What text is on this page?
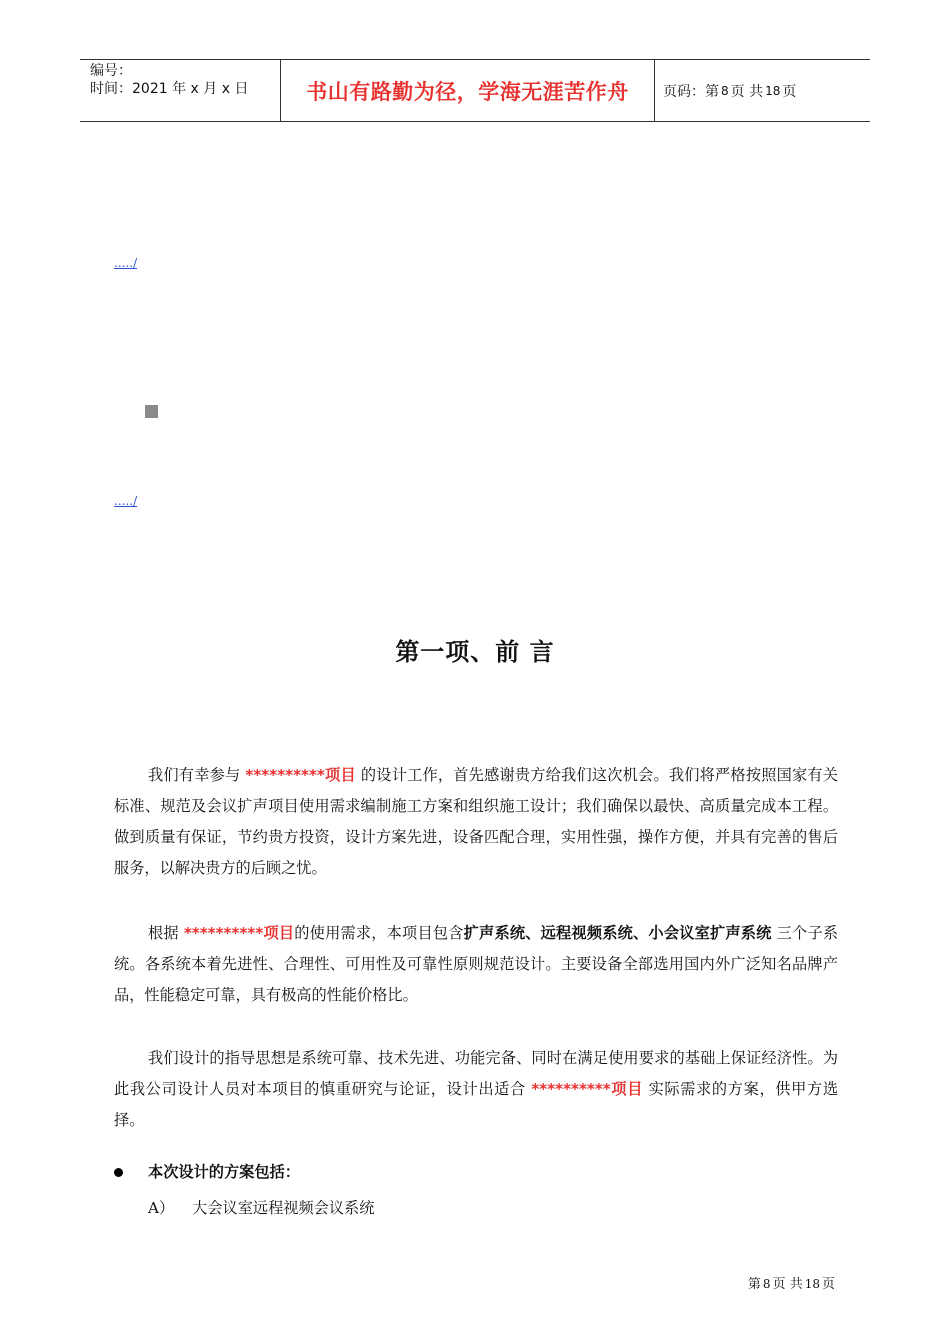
编号：
时间：2021 年 x 月 x 日	书山有路勤为径，学海无涯苦作舟	页码：第 8 页 共 18 页
...../
...../
第一项、前 言
我们有幸参与 **********项目 的设计工作，首先感谢贵方给我们这次机会。我们将严格按照国家有关标准、规范及会议扩声项目使用需求编制施工方案和组织施工设计；我们确保以最快、高质量完成本工程。做到质量有保证，节约贵方投资，设计方案先进，设备匹配合理，实用性强，操作方便，并具有完善的售后服务，以解决贵方的后顾之忧。
根据 **********项目的使用需求，本项目包含扩声系统、远程视频系统、小会议室扩声系统 三个子系统。各系统本着先进性、合理性、可用性及可靠性原则规范设计。主要设备全部选用国内外广泛知名品牌产品，性能稳定可靠，具有极高的性能价格比。
我们设计的指导思想是系统可靠、技术先进、功能完备、同时在满足使用要求的基础上保证经济性。为此我公司设计人员对本项目的慎重研究与论证，设计出适合 **********项目 实际需求的方案，供甲方选择。
本次设计的方案包括：
A） 大会议室远程视频会议系统
第 8 页 共 18 页
